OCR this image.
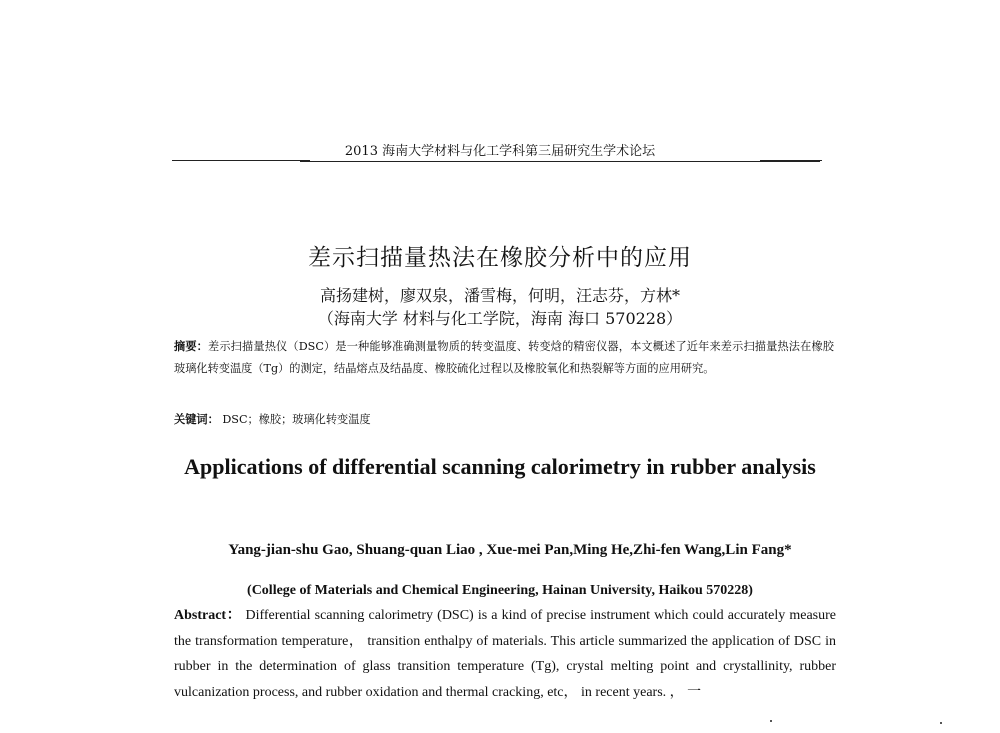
2013 海南大学材料与化工学科第三届研究生学术论坛
差示扫描量热法在橡胶分析中的应用
高扬建树，廖双泉，潘雪梅，何明，汪志芬，方林*
（海南大学 材料与化工学院，海南 海口 570228）
摘要：差示扫描量热仪（DSC）是一种能够准确测量物质的转变温度、转变焓的精密仪器，本文概述了近年来差示扫描量热法在橡胶玻璃化转变温度（Tg）的测定，结晶熔点及结晶度、橡胶硫化过程以及橡胶氧化和热裂解等方面的应用研究。
关键词： DSC；橡胶；玻璃化转变温度
Applications of differential scanning calorimetry in rubber analysis
Yang-jian-shu Gao, Shuang-quan Liao , Xue-mei Pan,Ming He,Zhi-fen Wang,Lin Fang*
(College of Materials and Chemical Engineering, Hainan University, Haikou 570228)
Abstract： Differential scanning calorimetry (DSC) is a kind of precise instrument which could accurately measure the transformation temperature， transition enthalpy of materials. This article summarized the application of DSC in rubber in the determination of glass transition temperature (Tg), crystal melting point and crystallinity, rubber vulcanization process, and rubber oxidation and thermal cracking, etc， in recent years. ， 一
